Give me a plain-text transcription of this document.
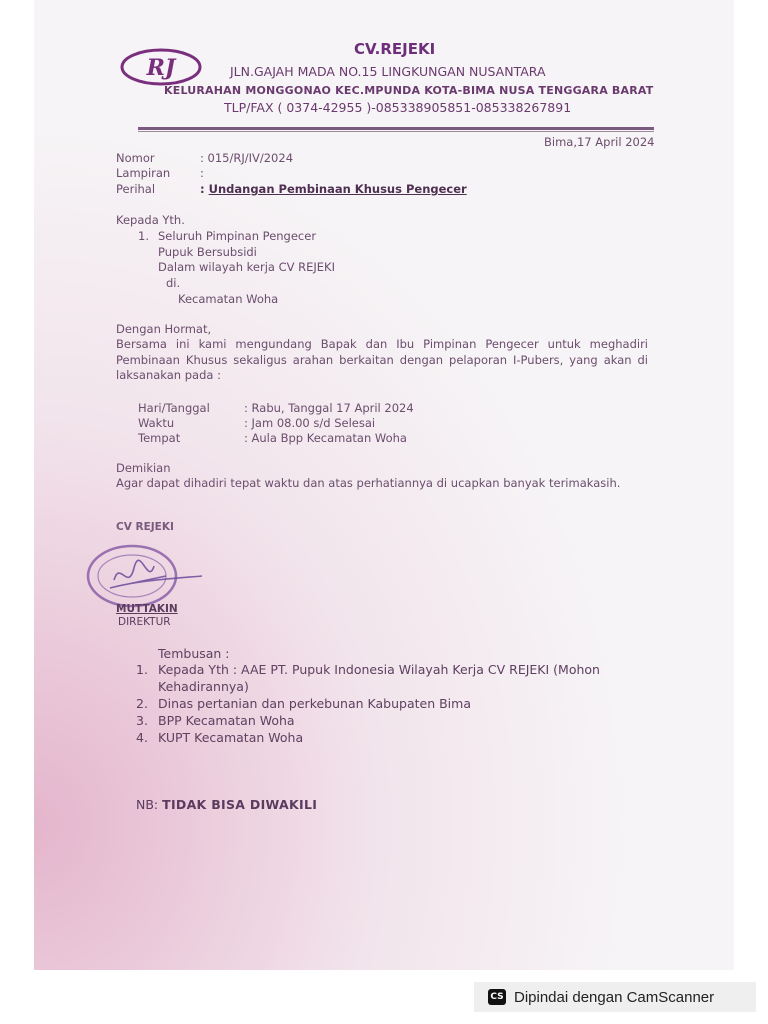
RJ
CV.REJEKI
JLN.GAJAH MADA NO.15 LINGKUNGAN NUSANTARA
KELURAHAN MONGGONAO KEC.MPUNDA KOTA-BIMA NUSA TENGGARA BARAT
TLP/FAX ( 0374-42955 )-085338905851-085338267891
Bima,17 April 2024
Nomor	: 015/RJ/IV/2024
Lampiran	:
Perihal	: Undangan Pembinaan Khusus Pengecer
Kepada Yth.
1. Seluruh Pimpinan Pengecer
Pupuk Bersubsidi
Dalam wilayah kerja CV REJEKI
di.
Kecamatan Woha
Dengan Hormat,
Bersama ini kami mengundang Bapak dan Ibu Pimpinan Pengecer untuk meghadiri Pembinaan Khusus sekaligus arahan berkaitan dengan pelaporan I-Pubers, yang akan di laksanakan pada :
Hari/Tanggal	: Rabu, Tanggal 17 April 2024
Waktu	: Jam 08.00 s/d Selesai
Tempat	: Aula Bpp Kecamatan Woha
Demikian
Agar dapat dihadiri tepat waktu dan atas perhatiannya di ucapkan banyak terimakasih.
CV REJEKI
MUTTAKIN
DIREKTUR
Tembusan :
1. Kepada Yth : AAE PT. Pupuk Indonesia Wilayah Kerja CV REJEKI (Mohon
Kehadirannya)
2. Dinas pertanian dan perkebunan Kabupaten Bima
3. BPP Kecamatan Woha
4. KUPT Kecamatan Woha
NB: TIDAK BISA DIWAKILI
CS Dipindai dengan CamScanner
